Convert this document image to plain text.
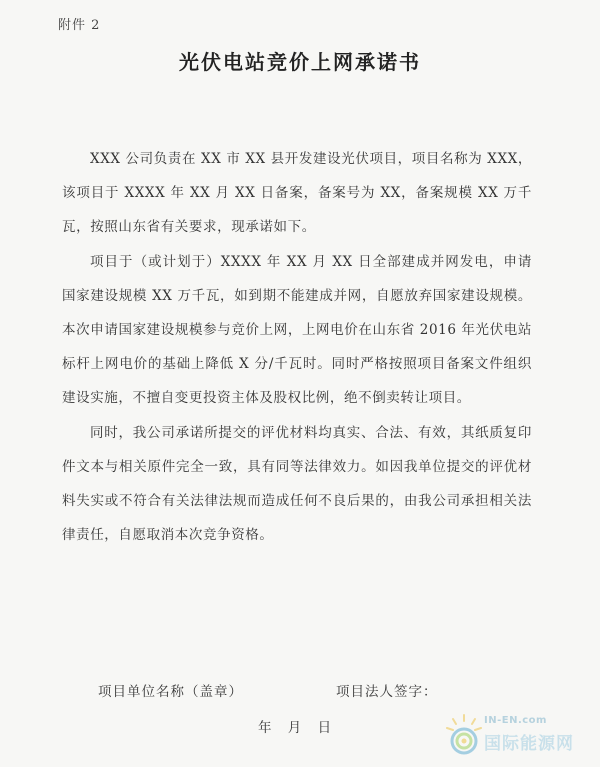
附件 2
光伏电站竞价上网承诺书

XXX 公司负责在 XX 市 XX 县开发建设光伏项目，项目名称为 XXX，该项目于 XXXX 年 XX 月 XX 日备案，备案号为 XX，备案规模 XX 万千瓦，按照山东省有关要求，现承诺如下。

项目于（或计划于）XXXX 年 XX 月 XX 日全部建成并网发电，申请国家建设规模 XX 万千瓦，如到期不能建成并网，自愿放弃国家建设规模。本次申请国家建设规模参与竞价上网，上网电价在山东省 2016 年光伏电站标杆上网电价的基础上降低 X 分/千瓦时。同时严格按照项目备案文件组织建设实施，不擅自变更投资主体及股权比例，绝不倒卖转让项目。

同时，我公司承诺所提交的评优材料均真实、合法、有效，其纸质复印件文本与相关原件完全一致，具有同等法律效力。如因我单位提交的评优材料失实或不符合有关法律法规而造成任何不良后果的，由我公司承担相关法律责任，自愿取消本次竞争资格。

项目单位名称（盖章）	项目法人签字：
年 月 日	IN-EN.com
国际能源网
